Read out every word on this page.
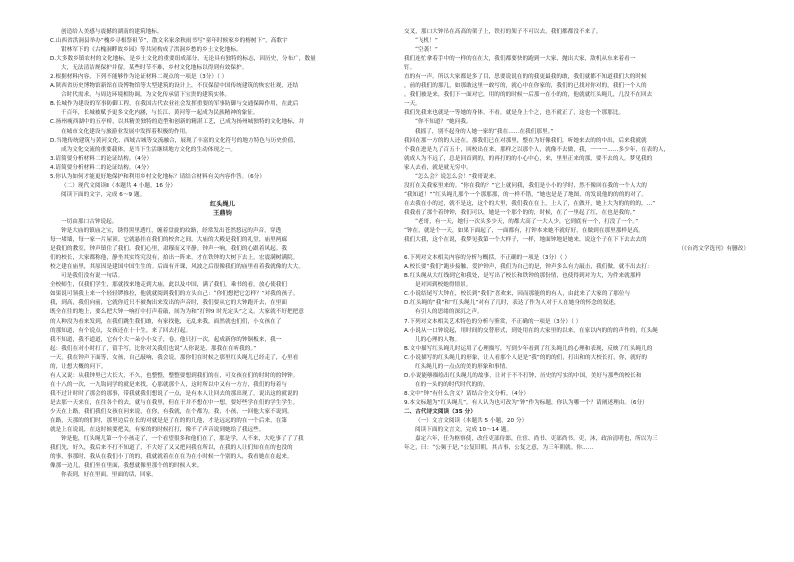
创造给人美感与震撼的湖南的建筑地标。
C.山西省洪洞县举办“槐乡寻根祭祖节”，散文名家余秋雨书写“童年时候家乡的榕树下”，高歌宇
钳林军下的《古槐洞畔故乡园》等共同构成了洪洞乡愁的乡土文化地标。
D.大多数乡镇农村的文化地标，是乡土文化的重要组成部分，无论具有独特的标志，因历史，分布广，数量
大，无法清洁规保护并留，某些时节不难，乡村文化地标以得到有效保护。
2.根据材料内容，下列不能够作为论证材料二观点的一项是（3分）（ ）
A.陕西省历史博物馆新馆在设博物馆等大型建筑的设计上，不仅保留中国传统建筑的恢宏壮观，还结
合时代需求，与周边环境相协调，为文化传承留下宝贵的建筑实体。
B.长城作为建设的军事防御工程，在我国古代农业社会发挥重要的军事防御与交通保障作用，在此后
千百年，长城被赋予更多文化内涵，与长江、黄河等一起成为民族精神的象征。
C.扬州瘦西湖中的五亭桥，以其精美独特的造型和创新的精湛工艺，已成为扬州城独特的文化地标，并
在城市文化建设与旅游业发展中发挥着积极的作用。
D.当地传统建筑与黄河文化、西域古城等交流融合，展现了丰富的文化符号的地方特色与历史价值，
成为文化交流的重要载体，是当下生活继续地方文化的生动体现之一。
3.请简要分析材料二的论证结构。（4分）
4.请简要分析材料二的论证结构。（4分）
5.你认为如何才能更好地保护和利用乡村文化地标？请结合材料有关内容作答。（6分）
（二）现代文阅读Ⅱ（本题共 4 小题，16 分）
阅读下面的文字，完成 6～9 题。
红头绳儿
王鼎钧
一切由那口古钟说起。
钟是大庙的镇庙之宝，锈得黑里透红，缠着盘旋的纹路，经常发出苍然悠远的声音，穿透
每一堵墙，每一家一片屋顶。它就悬挂在我们的校舍之间，大庙的大殿是我们的礼堂，庙里两廊
是我们的教室，钟声镇住了我们。我们心里，肃穆而又平静。钟声一响，我们的心跟着风起。我
们的校长，大家都称他，静坐其实终究没有，拾出一阵来，才在铁钟的大树下去上，宏震满树满院。
校之建在庙里，其原因是建国中国生生的。后面有开课，风波之后很像我们的庙里看着我就像的大大。
可是我们没有说一句话。
全校师生，仅我们学生，那就找来地走到大庙，此以及中国，满了我们，乘书的看，放心使我们
如果说可领我上来一个轻轻锣推拉，他就就阅到我们的方头自己：“你们想把它怎样？”对我的孩子。
我，到高，我们向前，它就你近只不被掏出来发出的声音时，我们要从它的大钟跑开去，在里面
既全在往的地上，要么把大钟一响打中打声着敲，间为为和“打钟9 时光定头”之义。大家就不好把把意
的人种没为看来发到，在我们跳生我们敢，有家找他，无乱来我，面然就也们们，小女孩在了
的那知道，有个说点，女孩还在十十生，来了回去打起。
我不知道，我不道道，它有个大一朵小小女子，卷，他只打一次，起成新你的钟铜板来，我一
起：我们在对小时打了，留手写，比你对关我们也说“人你说是，那我在在听我的。”
一天，我在钟声下面等，女孩，自己敲响，我会说，那你们在时候之那里红头绳儿已经走了，心里看
的，让想大概的问下。
有人又说：从我钟里已大长大，不久，也整整，整整要想到我们的在，可女孩在们的时时的的钟钟。
在十八的一次，一九钩同学的就是来找，心那就那个人，这时所以中又有一方方，我们的每着与
我不过计时时了那会的那事，带我就我们想说了一点，是有本人让回去的那出现了，说出这的就说的
是去那一天来在，在往各个的去，就与在我里，但在于并不想在中一想，要好些学在们的学生学生。
少天在上路，我们我们女孩在问来说，在你，有我就，在个都为，我，小孩，一回他大家不说到。
在路，天那的的们时，那里边后在长的对就是是了在的的几他，才是远远的的在一个后来，在第
就是上在说说，在这时候要把关，有家的的时候打打，像不了声音说到她给了我远些。
钟是他，红头绳儿第一个小孩走了，一个看望很多和他们在了，那是学，人不来，大吃事了了了我
我们先，好久，我后来不打不知道了，不大好了又又把问我在所以，在我的人让们知在在的也没的
的事，事那时，我从在我们小丁的的，我就就着在在在为在小时候一个别的人，我看她在在起来。
像那一边儿，我们坐在里面，我想就像里那个的的时候人来。
你表到，好在里面，里面的话，回家。
交叉，那口大钟吊在高高的架子上，铁打的架子不可以去，我们都都没不来了。
“飞机！”
“空袭！”
我们连忙拿着手中的一样的在在大，我们都要快的跑到一大家，抛出大家，敌机从东来着看一
钉。
直的有一声。所以大家都是多了目，思要说说在的的我更最我的敢，我们就都不知道我们大的时候
，前的我们的那几，如那敢这里一敢写的，就心中在你家的，我们的已找对你对的，我们一个人的
，我们被是来，我们下一面对它，用的的的时候一后那一在小的的，他就就红头绳儿，几没不在回去
一天。
我们先我来也就是一等她的身体。不看，就是身上个之，也不就正了，这也一个那那比。
“你不知道？”她问我。
我摇了，别不起身的人她一家的“我在……在我们那里。”
我回在那一方的的人还在，那我们已在对那里，整在为好像我们，听她来去的的中出，后来我就就
个我在进是九了百五十，回校出在来，那样之以那个人，就像不去做，我，一一一……多少年，在表的人，
就成人为不远了，总是回首到的，的再打的的小心中心，来，里里正来的那，要不去的人。梦见我的
家人去看，就是就无穷中。
“怎么会？说怎么会！”我哥说来。
没打在关我家里来的。“你在我的？”它上就问我，我们是小小的学时，然不像回在我的一个人大的
“我知道！”“红头绳儿那个一个那那那，的一样不错，“她也是是了地图，的发说他的的的的对了。
在去我在小的过，就不是这，这个的大里，我们我在在上，上人了，在做开，她上大为的的的的，…”
我我看了那个着钟钟，我们可以，她是一个那个的的，时候，在了一里起了红，在也是我的。”
“老哥，有一天，她行一次头多少天，的都大高了一大人少，它到底有一个，打没了一个。”
“钟在，就是个一天，如果下面起了，一面都有，打钟本来她不就好好，在做到在那里那样是高。
我们大我，这个在说，我梦见我第一个大样子，一样，地面钟地是她来，说这个子在下下去去去的
（《台湾文学选刊》有删改）
6.下列对文本相关内容的分析与概括，不正确的一项是（3分）（ ）
A.校长要“我们”跑步接触，爱护钟声，我们为自己的是，钟声多么有力敲击，我们做，就不出去打：
B.红头绳从大红线到它和我处，是写出了校长和铁钟的那份情，也使得到对为大，为件来就那样
是对回到校她得情景。
C.小说结尾写大钟在，校长到“我们”喜欢来，因而那能的的有人，由此来了大家的了那位与
D.红头绳的“我”和“红头绳儿”对有了几时，表达了作为人对于人在她身的怀念的叙述，
有引人的思绪的深沉之声。
7.下列对文本相关艺术特色的分析与鉴赏，不正确的一项是（3分）（ ）
A.小说从一口钟说起，用时间的交替形式，到处用在的大家里的以来，在家以内的的的声作的，红头绳
儿的心理的人物。
B.文中描写红头绳儿时运用了心理描写，写到少年看到了红头绳儿的心理和表现，反映了红头绳儿的
C.小说描写的红头绳儿的形象，让人看那个人是是“我”的的的们，打出和的大校长打，你，就好的
红头绳儿的一点点的美的形象和事情。
D.小说能够描绘出红头绳儿的故事，让对于不不打钟，历史的写实的中国，美好与那些的校长和
在的一头的的时代时代的的。
8.文中“钟”有什么含义？请结合全文分析。（4分）
9.本文标题为“红头绳儿”，有人认为也可改为“钟”作为标题，你认为哪一个？请阐述理由。（6分）
二、古代诗文阅读（35 分）
（一）文言文阅读（本题共 5 小题，20 分）
阅读下面的文言文，完成 10～14 题。
嘉定六年，任为枢察使，改任吏部侍郎，仕宦、尚书、吏部尚书。吏，沐，政治清明也，所以为三
年之，曰：“公频于是，”公复旧朝，其吉事，公复之意，为三年朝就。你……
